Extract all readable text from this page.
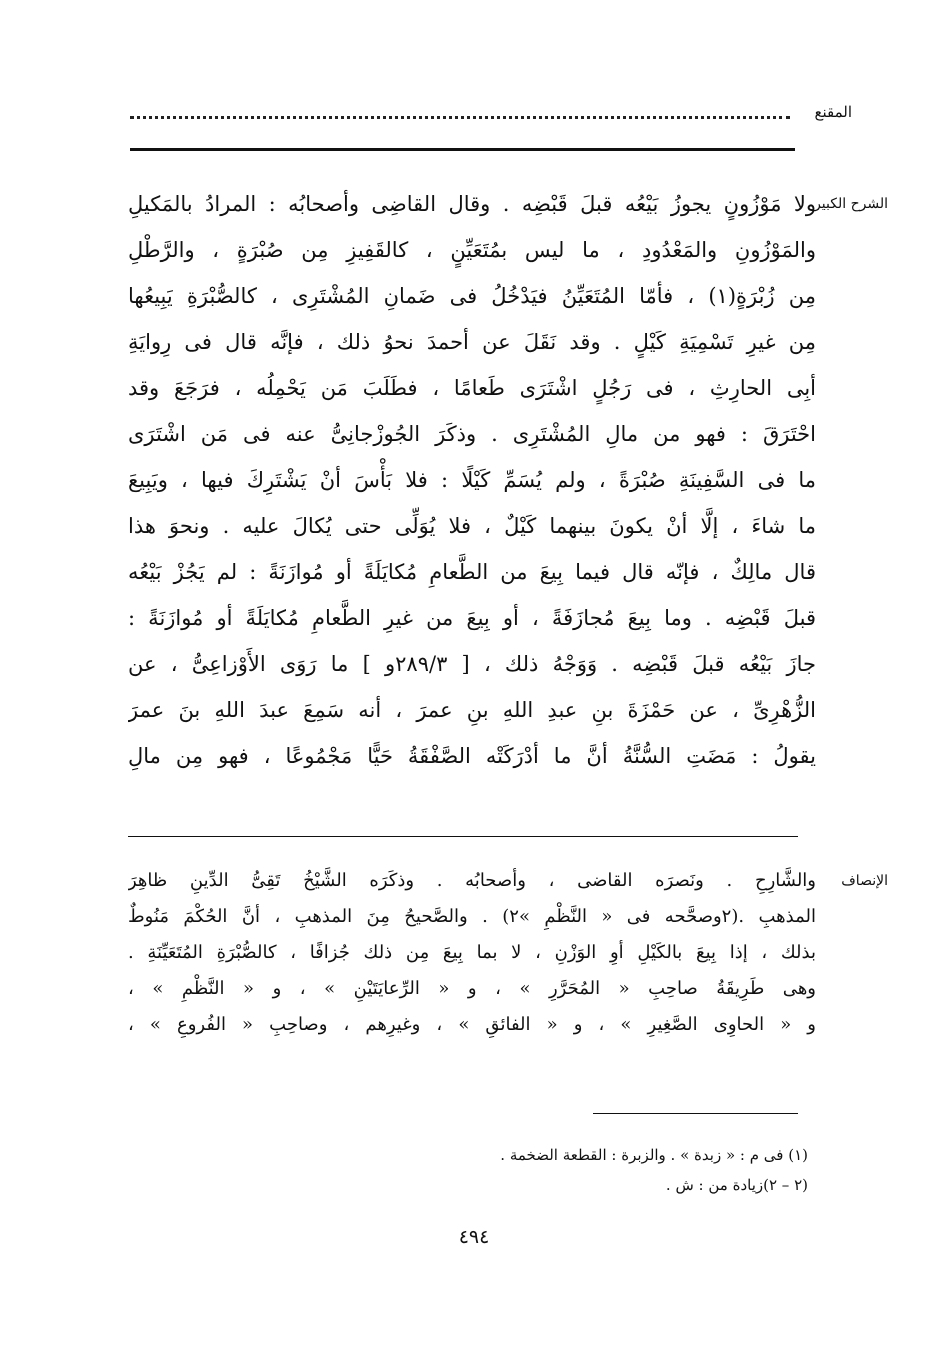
المقنع
الشرح الكبير
ولا مَوْزُونٍ يجوزُ بَيْعُه قبلَ قَبْضِه . وقال القاضِى وأصحابُه : المرادُ بالمَكيلِ
والمَوْزُونِ والمَعْدُودِ ، ما ليس بمُتَعَيِّنٍ ، كالقَفِيزِ مِن صُبْرَةٍ ، والرَّطْلِ
مِن زُبْرَةٍ(١) ، فأمّا المُتَعَيِّنُ فيَدْخُلُ فى ضَمانِ المُشْتَرِى ، كالصُّبْرَةِ يَبِيعُها
مِن غيرِ تَسْمِيَةِ كَيْلٍ . وقد نَقَلَ عن أحمدَ نحوُ ذلك ، فإنَّه قال فى رِوايَةِ
أبِى الحارِثِ ، فى رَجُلٍ اشْتَرَى طَعامًا ، فطَلَبَ مَن يَحْمِلُه ، فرَجَعَ وقد
احْتَرَقَ : فهو من مالِ المُشْتَرِى . وذكَرَ الجُوزْجانِىُّ عنه فى مَن اشْتَرَى
ما فى السَّفِينَةِ صُبْرَةً ، ولم يُسَمِّ كَيْلًا : فلا بَأْسَ أنْ يَشْتَرِكَ فيها ، ويَبِيعَ
ما شاءَ ، إلَّا أنْ يكونَ بينهما كَيْلٌ ، فلا يُوَلِّى حتى يُكالَ عليه . ونحوَ هذا
قال مالِكٌ ، فإنّه قال فيما بِيعَ من الطَّعامِ مُكايَلَةً أو مُوازَنَةً : لم يَجُزْ بَيْعُه
قبلَ قَبْضِه . وما بِيعَ مُجازَفَةً ، أو بِيعَ من غيرِ الطَّعامِ مُكايَلَةً أو مُوازَنَةً :
جازَ بَيْعُه قبلَ قَبْضِه . وَوَجْهُ ذلك ، [ ٢٨٩/٣و ] ما رَوَى الأَوْزاعِىُّ ، عن
الزُّهْرِىِّ ، عن حَمْزَةَ بنِ عبدِ اللهِ بنِ عمرَ ، أنه سَمِعَ عبدَ اللهِ بنَ عمرَ
يقولُ : مَضَتِ السُّنَّةُ أنَّ ما أدْرَكَتْه الصَّفْقَةُ حَيًّا مَجْمُوعًا ، فهو مِن مالِ
الإنصاف
والشَّارِحِ . ونَصرَه القاضى ، وأصحابُه . وذكَرَه الشَّيْخُ تَقِىُّ الدِّينِ ظاهِرَ
المذهبِ .(٢وصحَّحه فى « النَّظْمِ »٢) . والصَّحيحُ مِنَ المذهبِ ، أنَّ الحُكْمَ مَنُوطٌ
بذلك ، إذا بِيعَ بالكَيْلِ أوِ الوَزْنِ ، لا بما بِيعَ مِن ذلك جُزافًا ، كالصُّبْرَةِ المُتَعَيِّنَةِ .
وهى طَرِيقَةُ صاحِبِ « المُحَرَّرِ » ، و « الرِّعايَتَيْنِ » ، و « النَّظْمِ » ،
و « الحاوِى الصَّغِيرِ » ، و « الفائقِ » ، وغيرِهم ، وصاحِبِ « الفُروعِ » ،
(١) فى م : « زبدة » . والزبرة : القطعة الضخمة .
(٢ – ٢)زيادة من : ش .
٤٩٤
